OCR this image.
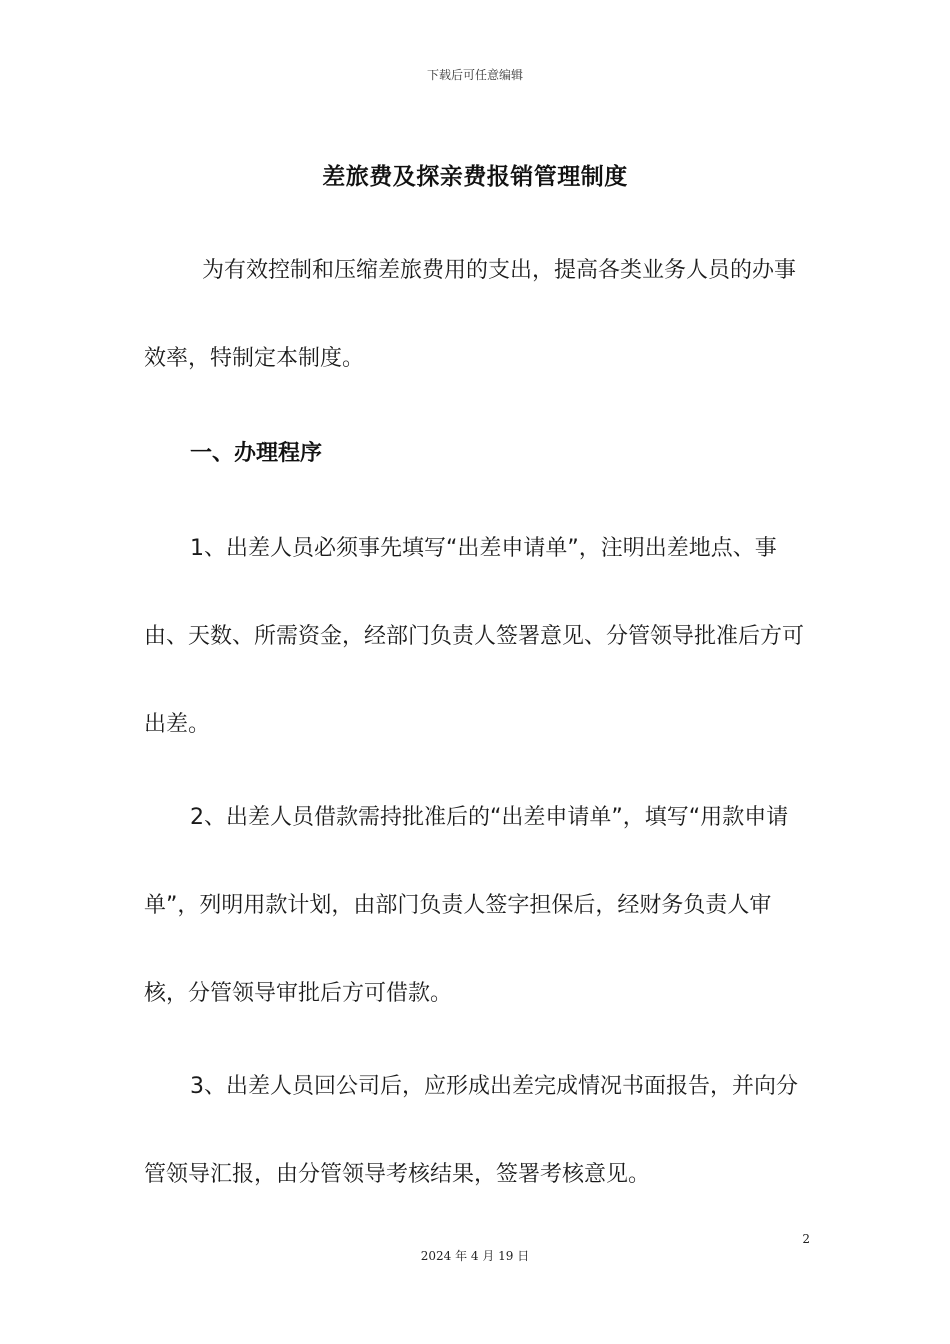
下载后可任意编辑
差旅费及探亲费报销管理制度

为有效控制和压缩差旅费用的支出，提高各类业务人员的办事效率，特制定本制度。

一、办理程序

1、出差人员必须事先填写“出差申请单”，注明出差地点、事由、天数、所需资金，经部门负责人签署意见、分管领导批准后方可出差。

2、出差人员借款需持批准后的“出差申请单”，填写“用款申请单”，列明用款计划，由部门负责人签字担保后，经财务负责人审核，分管领导审批后方可借款。

3、出差人员回公司后，应形成出差完成情况书面报告，并向分管领导汇报，由分管领导考核结果，签署考核意见。

2
2024 年 4 月 19 日
